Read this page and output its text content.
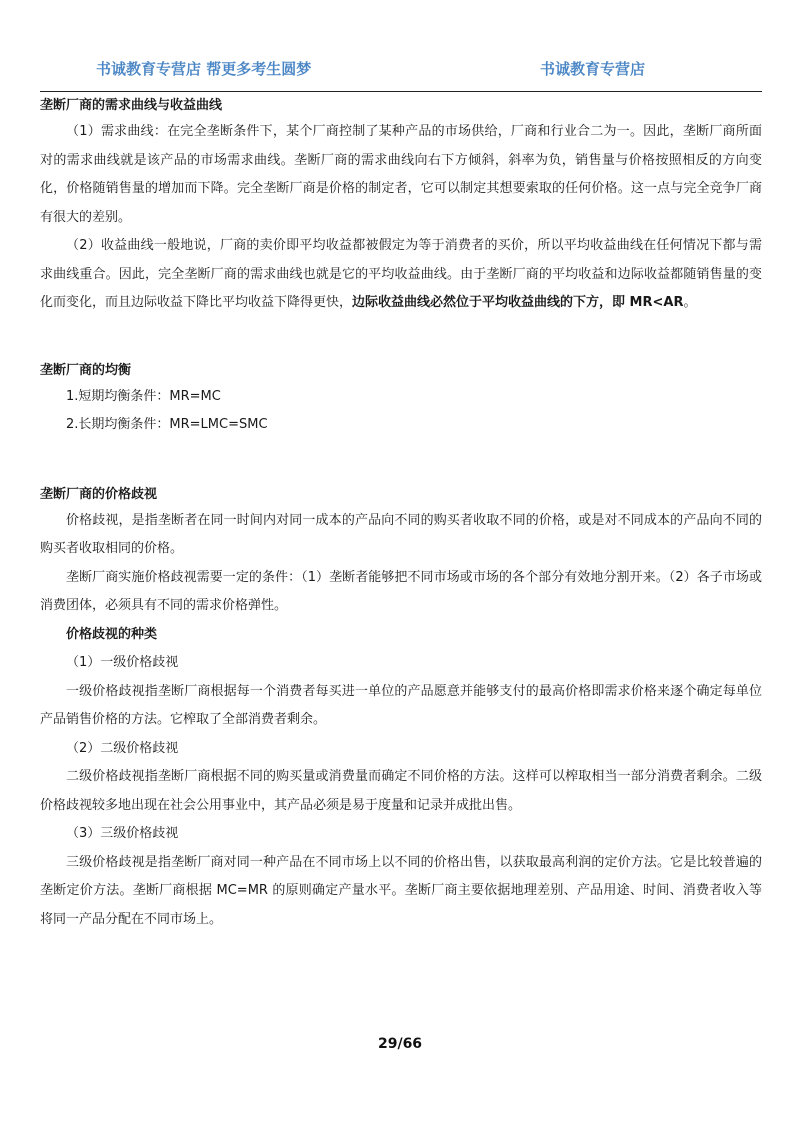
书诚教育专营店 帮更多考生圆梦	书诚教育专营店

垄断厂商的需求曲线与收益曲线

（1）需求曲线：在完全垄断条件下，某个厂商控制了某种产品的市场供给，厂商和行业合二为一。因此，垄断厂商所面对的需求曲线就是该产品的市场需求曲线。垄断厂商的需求曲线向右下方倾斜，斜率为负，销售量与价格按照相反的方向变化，价格随销售量的增加而下降。完全垄断厂商是价格的制定者，它可以制定其想要索取的任何价格。这一点与完全竞争厂商有很大的差别。

（2）收益曲线一般地说，厂商的卖价即平均收益都被假定为等于消费者的买价，所以平均收益曲线在任何情况下都与需求曲线重合。因此，完全垄断厂商的需求曲线也就是它的平均收益曲线。由于垄断厂商的平均收益和边际收益都随销售量的变化而变化，而且边际收益下降比平均收益下降得更快，边际收益曲线必然位于平均收益曲线的下方，即 MR<AR。

垄断厂商的均衡

1.短期均衡条件：MR=MC

2.长期均衡条件：MR=LMC=SMC

垄断厂商的价格歧视

价格歧视，是指垄断者在同一时间内对同一成本的产品向不同的购买者收取不同的价格，或是对不同成本的产品向不同的购买者收取相同的价格。

垄断厂商实施价格歧视需要一定的条件：（1）垄断者能够把不同市场或市场的各个部分有效地分割开来。（2）各子市场或消费团体，必须具有不同的需求价格弹性。

价格歧视的种类

（1）一级价格歧视

一级价格歧视指垄断厂商根据每一个消费者每买进一单位的产品愿意并能够支付的最高价格即需求价格来逐个确定每单位产品销售价格的方法。它榨取了全部消费者剩余。

（2）二级价格歧视

二级价格歧视指垄断厂商根据不同的购买量或消费量而确定不同价格的方法。这样可以榨取相当一部分消费者剩余。二级价格歧视较多地出现在社会公用事业中，其产品必须是易于度量和记录并成批出售。

（3）三级价格歧视

三级价格歧视是指垄断厂商对同一种产品在不同市场上以不同的价格出售，以获取最高利润的定价方法。它是比较普遍的垄断定价方法。垄断厂商根据 MC=MR 的原则确定产量水平。垄断厂商主要依据地理差别、产品用途、时间、消费者收入等将同一产品分配在不同市场上。

29/66
